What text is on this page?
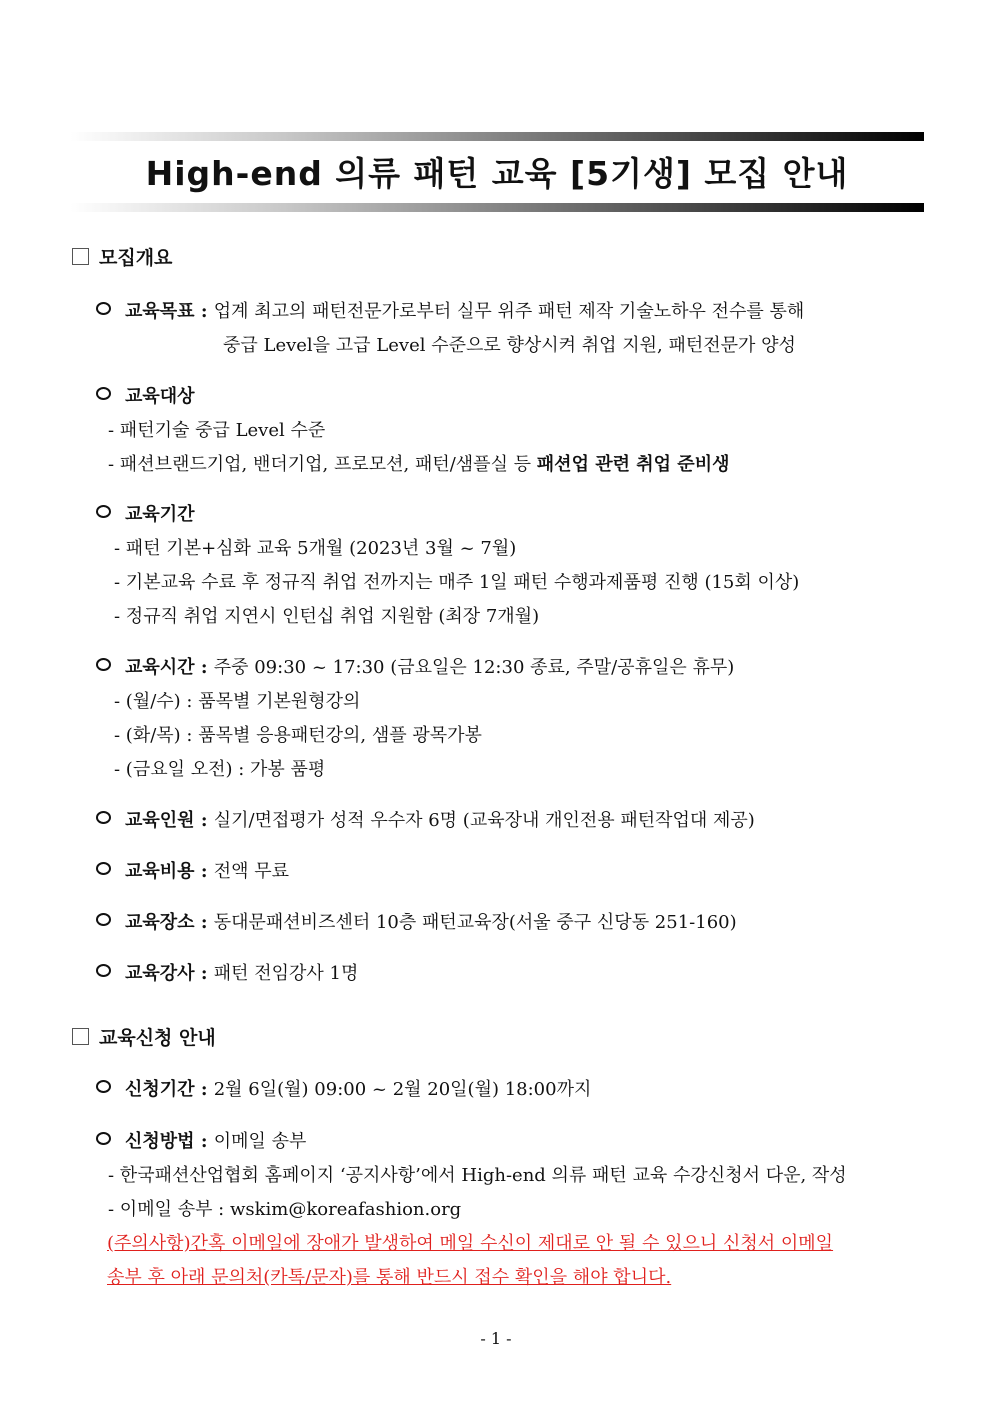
High-end 의류 패턴 교육 [5기생] 모집 안내
모집개요
교육목표 : 업계 최고의 패턴전문가로부터 실무 위주 패턴 제작 기술노하우 전수를 통해
중급 Level을 고급 Level 수준으로 향상시켜 취업 지원, 패턴전문가 양성
교육대상
- 패턴기술 중급 Level 수준
- 패션브랜드기업, 밴더기업, 프로모션, 패턴/샘플실 등 패션업 관련 취업 준비생
교육기간
- 패턴 기본+심화 교육 5개월 (2023년 3월 ~ 7월)
- 기본교육 수료 후 정규직 취업 전까지는 매주 1일 패턴 수행과제품평 진행 (15회 이상)
- 정규직 취업 지연시 인턴십 취업 지원함 (최장 7개월)
교육시간 : 주중 09:30 ~ 17:30 (금요일은 12:30 종료, 주말/공휴일은 휴무)
- (월/수) : 품목별 기본원형강의
- (화/목) : 품목별 응용패턴강의, 샘플 광목가봉
- (금요일 오전) : 가봉 품평
교육인원 : 실기/면접평가 성적 우수자 6명 (교육장내 개인전용 패턴작업대 제공)
교육비용 : 전액 무료
교육장소 : 동대문패션비즈센터 10층 패턴교육장(서울 중구 신당동 251-160)
교육강사 : 패턴 전임강사 1명
교육신청 안내
신청기간 : 2월 6일(월) 09:00 ~ 2월 20일(월) 18:00까지
신청방법 : 이메일 송부
- 한국패션산업협회 홈페이지 ‘공지사항’에서 High-end 의류 패턴 교육 수강신청서 다운, 작성
- 이메일 송부 : wskim@koreafashion.org
(주의사항)간혹 이메일에 장애가 발생하여 메일 수신이 제대로 안 될 수 있으니 신청서 이메일
송부 후 아래 문의처(카톡/문자)를 통해 반드시 접수 확인을 해야 합니다.
- 1 -
